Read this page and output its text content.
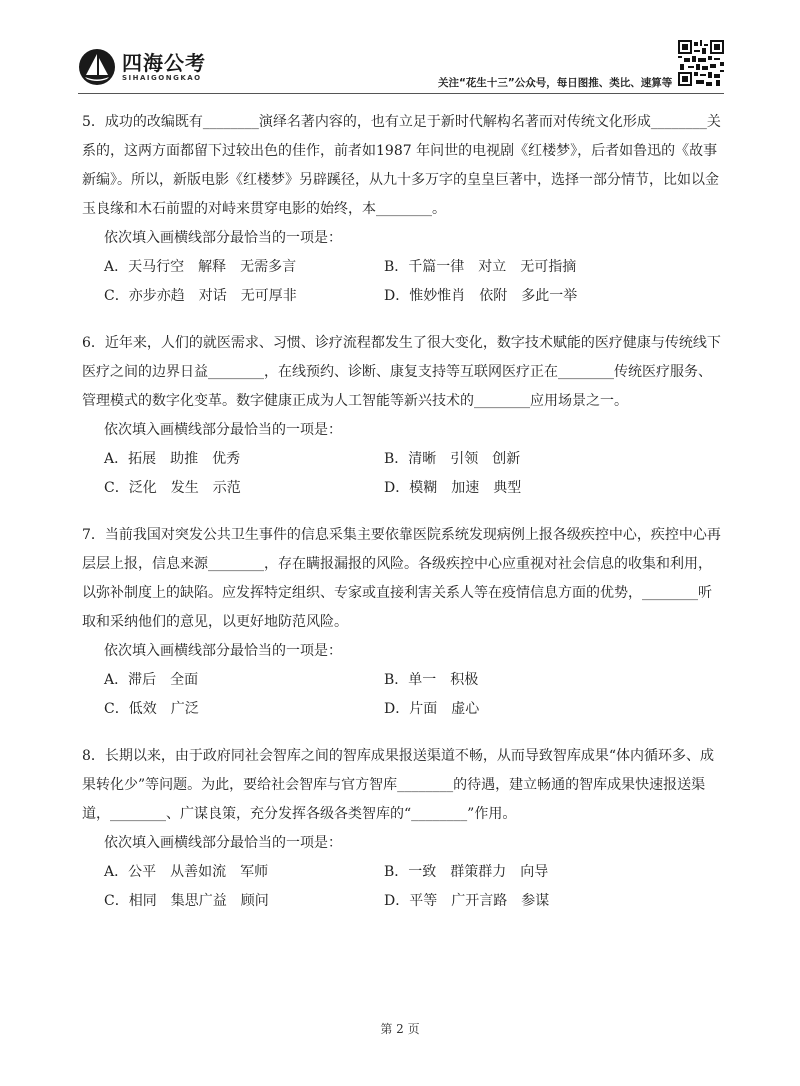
四海公考
SIHAIGONGKAO	关注“花生十三”公众号，每日图推、类比、速算等
5．成功的改编既有________演绎名著内容的，也有立足于新时代解构名著而对传统文化形成________关系的，这两方面都留下过较出色的佳作，前者如1987 年问世的电视剧《红楼梦》，后者如鲁迅的《故事新编》。所以，新版电影《红楼梦》另辟蹊径，从九十多万字的皇皇巨著中，选择一部分情节，比如以金玉良缘和木石前盟的对峙来贯穿电影的始终，本________。
依次填入画横线部分最恰当的一项是：
A．天马行空　解释　无需多言	B．千篇一律　对立　无可指摘
C．亦步亦趋　对话　无可厚非	D．惟妙惟肖　依附　多此一举
6．近年来，人们的就医需求、习惯、诊疗流程都发生了很大变化，数字技术赋能的医疗健康与传统线下医疗之间的边界日益________，在线预约、诊断、康复支持等互联网医疗正在________传统医疗服务、管理模式的数字化变革。数字健康正成为人工智能等新兴技术的________应用场景之一。
依次填入画横线部分最恰当的一项是：
A．拓展　助推　优秀	B．清晰　引领　创新
C．泛化　发生　示范	D．模糊　加速　典型
7．当前我国对突发公共卫生事件的信息采集主要依靠医院系统发现病例上报各级疾控中心，疾控中心再层层上报，信息来源________，存在瞒报漏报的风险。各级疾控中心应重视对社会信息的收集和利用，以弥补制度上的缺陷。应发挥特定组织、专家或直接利害关系人等在疫情信息方面的优势，________听取和采纳他们的意见，以更好地防范风险。
依次填入画横线部分最恰当的一项是：
A．滞后　全面	B．单一　积极
C．低效　广泛	D．片面　虚心
8．长期以来，由于政府同社会智库之间的智库成果报送渠道不畅，从而导致智库成果“体内循环多、成果转化少”等问题。为此，要给社会智库与官方智库________的待遇，建立畅通的智库成果快速报送渠道，________、广谋良策，充分发挥各级各类智库的“________”作用。
依次填入画横线部分最恰当的一项是：
A．公平　从善如流　军师	B．一致　群策群力　向导
C．相同　集思广益　顾问	D．平等　广开言路　参谋
第 2 页
